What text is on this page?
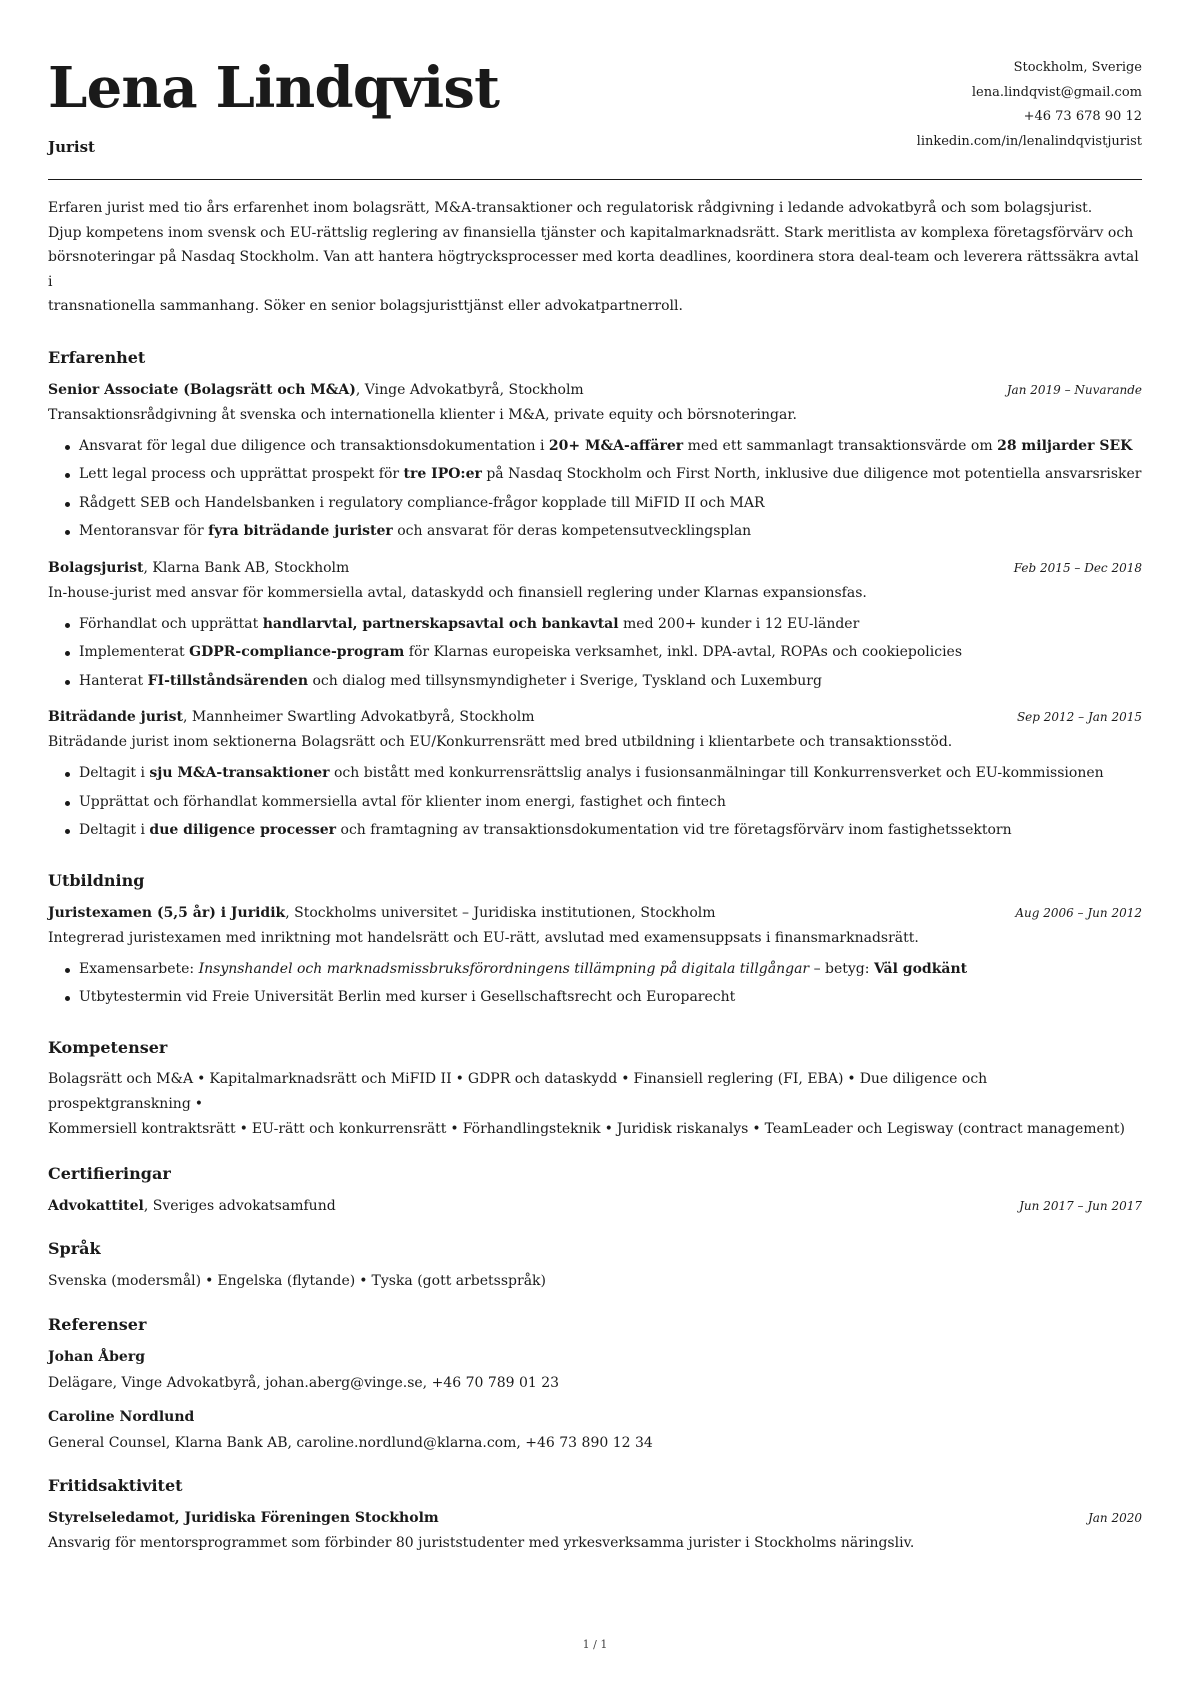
Lena Lindqvist
Jurist
Stockholm, Sverige
lena.lindqvist@gmail.com
+46 73 678 90 12
linkedin.com/in/lenalindqvistjurist

Erfaren jurist med tio års erfarenhet inom bolagsrätt, M&A-transaktioner och regulatorisk rådgivning i ledande advokatbyrå och som bolagsjurist.
Djup kompetens inom svensk och EU-rättslig reglering av finansiella tjänster och kapitalmarknadsrätt. Stark meritlista av komplexa företagsförvärv och
börsnoteringar på Nasdaq Stockholm. Van att hantera högtrycksprocesser med korta deadlines, koordinera stora deal-team och leverera rättssäkra avtal i
transnationella sammanhang. Söker en senior bolagsjuristtjänst eller advokatpartnerroll.

Erfarenhet
Senior Associate (Bolagsrätt och M&A), Vinge Advokatbyrå, Stockholm	Jan 2019 – Nuvarande
Transaktionsrådgivning åt svenska och internationella klienter i M&A, private equity och börsnoteringar.
Ansvarat för legal due diligence och transaktionsdokumentation i 20+ M&A-affärer med ett sammanlagt transaktionsvärde om 28 miljarder SEK
Lett legal process och upprättat prospekt för tre IPO:er på Nasdaq Stockholm och First North, inklusive due diligence mot potentiella ansvarsrisker
Rådgett SEB och Handelsbanken i regulatory compliance-frågor kopplade till MiFID II och MAR
Mentoransvar för fyra biträdande jurister och ansvarat för deras kompetensutvecklingsplan
Bolagsjurist, Klarna Bank AB, Stockholm	Feb 2015 – Dec 2018
In-house-jurist med ansvar för kommersiella avtal, dataskydd och finansiell reglering under Klarnas expansionsfas.
Förhandlat och upprättat handlarvtal, partnerskapsavtal och bankavtal med 200+ kunder i 12 EU-länder
Implementerat GDPR-compliance-program för Klarnas europeiska verksamhet, inkl. DPA-avtal, ROPAs och cookiepolicies
Hanterat FI-tillståndsärenden och dialog med tillsynsmyndigheter i Sverige, Tyskland och Luxemburg
Biträdande jurist, Mannheimer Swartling Advokatbyrå, Stockholm	Sep 2012 – Jan 2015
Biträdande jurist inom sektionerna Bolagsrätt och EU/Konkurrensrätt med bred utbildning i klientarbete och transaktionsstöd.
Deltagit i sju M&A-transaktioner och bistått med konkurrensrättslig analys i fusionsanmälningar till Konkurrensverket och EU-kommissionen
Upprättat och förhandlat kommersiella avtal för klienter inom energi, fastighet och fintech
Deltagit i due diligence processer och framtagning av transaktionsdokumentation vid tre företagsförvärv inom fastighetssektorn
Utbildning
Juristexamen (5,5 år) i Juridik, Stockholms universitet – Juridiska institutionen, Stockholm	Aug 2006 – Jun 2012
Integrerad juristexamen med inriktning mot handelsrätt och EU-rätt, avslutad med examensuppsats i finansmarknadsrätt.
Examensarbete: Insynshandel och marknadsmissbruksförordningens tillämpning på digitala tillgångar – betyg: Väl godkänt
Utbytestermin vid Freie Universität Berlin med kurser i Gesellschaftsrecht och Europarecht
Kompetenser
Bolagsrätt och M&A • Kapitalmarknadsrätt och MiFID II • GDPR och dataskydd • Finansiell reglering (FI, EBA) • Due diligence och prospektgranskning •
Kommersiell kontraktsrätt • EU-rätt och konkurrensrätt • Förhandlingsteknik • Juridisk riskanalys • TeamLeader och Legisway (contract management)
Certifieringar
Advokattitel, Sveriges advokatsamfund	Jun 2017 – Jun 2017
Språk
Svenska (modersmål) • Engelska (flytande) • Tyska (gott arbetsspråk)
Referenser
Johan Åberg
Delägare, Vinge Advokatbyrå, johan.aberg@vinge.se, +46 70 789 01 23
Caroline Nordlund
General Counsel, Klarna Bank AB, caroline.nordlund@klarna.com, +46 73 890 12 34
Fritidsaktivitet
Styrelseledamot, Juridiska Föreningen Stockholm	Jan 2020
Ansvarig för mentorsprogrammet som förbinder 80 juriststudenter med yrkesverksamma jurister i Stockholms näringsliv.
1 / 1
